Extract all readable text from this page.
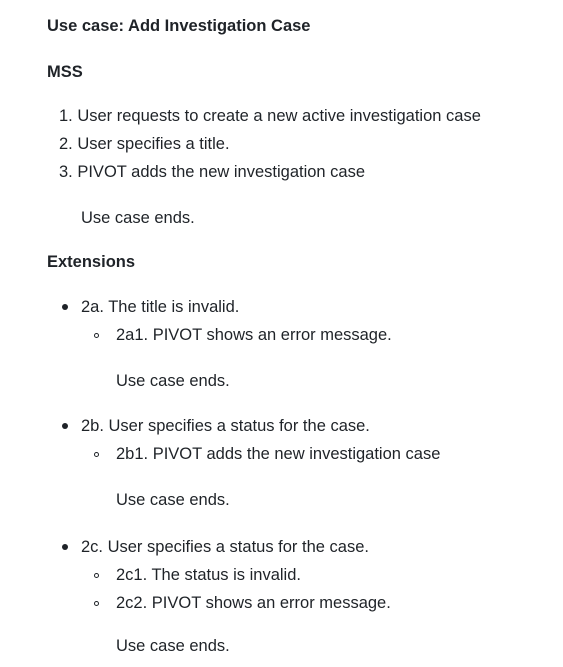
Use case: Add Investigation Case
MSS
1. User requests to create a new active investigation case
2. User specifies a title.
3. PIVOT adds the new investigation case
Use case ends.
Extensions
2a. The title is invalid.
2a1. PIVOT shows an error message.
Use case ends.
2b. User specifies a status for the case.
2b1. PIVOT adds the new investigation case
Use case ends.
2c. User specifies a status for the case.
2c1. The status is invalid.
2c2. PIVOT shows an error message.
Use case ends.
